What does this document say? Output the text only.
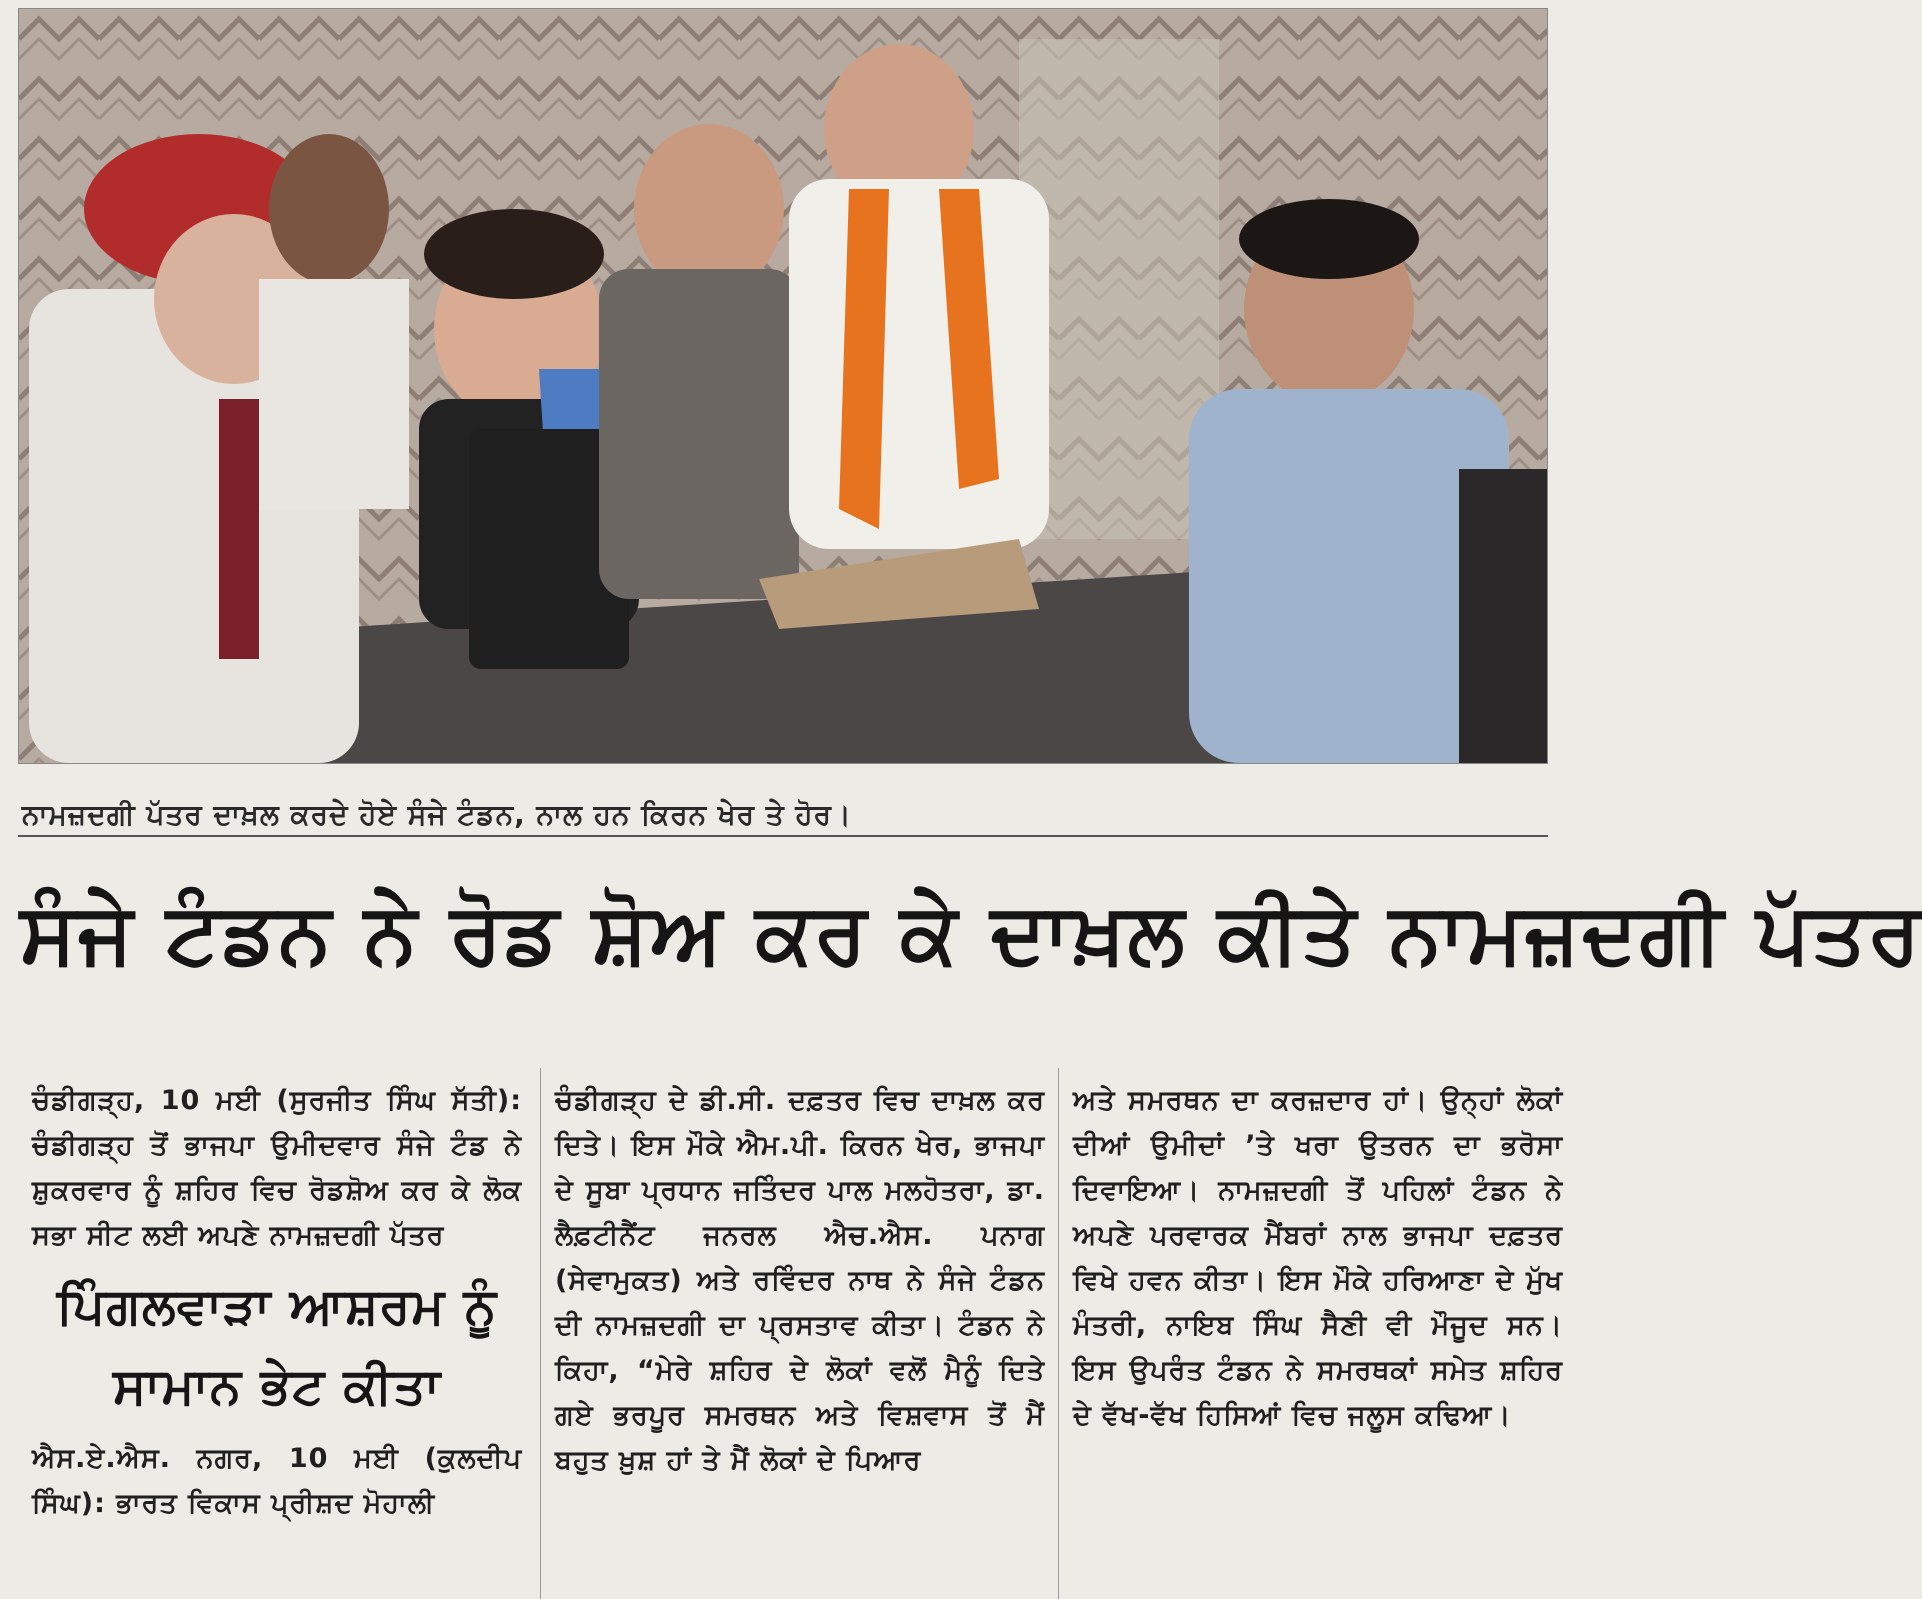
ਨਾਮਜ਼ਦਗੀ ਪੱਤਰ ਦਾਖ਼ਲ ਕਰਦੇ ਹੋਏ ਸੰਜੇ ਟੰਡਨ, ਨਾਲ ਹਨ ਕਿਰਨ ਖੇਰ ਤੇ ਹੋਰ।
ਸੰਜੇ ਟੰਡਨ ਨੇ ਰੋਡ ਸ਼ੋਅ ਕਰ ਕੇ ਦਾਖ਼ਲ ਕੀਤੇ ਨਾਮਜ਼ਦਗੀ ਪੱਤਰ

ਚੰਡੀਗੜ੍ਹ, 10 ਮਈ (ਸੁਰਜੀਤ ਸਿੰਘ ਸੱਤੀ): ਚੰਡੀਗੜ੍ਹ ਤੋਂ ਭਾਜਪਾ ਉਮੀਦਵਾਰ ਸੰਜੇ ਟੰਡ ਨੇ ਸ਼ੁਕਰਵਾਰ ਨੂੰ ਸ਼ਹਿਰ ਵਿਚ ਰੋਡਸ਼ੋਅ ਕਰ ਕੇ ਲੋਕ ਸਭਾ ਸੀਟ ਲਈ ਅਪਣੇ ਨਾਮਜ਼ਦਗੀ ਪੱਤਰ

ਪਿੰਗਲਵਾੜਾ ਆਸ਼ਰਮ ਨੂੰ ਸਾਮਾਨ ਭੇਟ ਕੀਤਾ

ਐਸ.ਏ.ਐਸ. ਨਗਰ, 10 ਮਈ (ਕੁਲਦੀਪ ਸਿੰਘ): ਭਾਰਤ ਵਿਕਾਸ ਪ੍ਰੀਸ਼ਦ ਮੋਹਾਲੀ

ਚੰਡੀਗੜ੍ਹ ਦੇ ਡੀ.ਸੀ. ਦਫ਼ਤਰ ਵਿਚ ਦਾਖ਼ਲ ਕਰ ਦਿਤੇ। ਇਸ ਮੌਕੇ ਐਮ.ਪੀ. ਕਿਰਨ ਖੇਰ, ਭਾਜਪਾ ਦੇ ਸੂਬਾ ਪ੍ਰਧਾਨ ਜਤਿੰਦਰ ਪਾਲ ਮਲਹੋਤਰਾ, ਡਾ. ਲੈਫ਼ਟੀਨੈਂਟ ਜਨਰਲ ਐਚ.ਐਸ. ਪਨਾਗ (ਸੇਵਾਮੁਕਤ) ਅਤੇ ਰਵਿੰਦਰ ਨਾਥ ਨੇ ਸੰਜੇ ਟੰਡਨ ਦੀ ਨਾਮਜ਼ਦਗੀ ਦਾ ਪ੍ਰਸਤਾਵ ਕੀਤਾ। ਟੰਡਨ ਨੇ ਕਿਹਾ, “ਮੇਰੇ ਸ਼ਹਿਰ ਦੇ ਲੋਕਾਂ ਵਲੋਂ ਮੈਨੂੰ ਦਿਤੇ ਗਏ ਭਰਪੂਰ ਸਮਰਥਨ ਅਤੇ ਵਿਸ਼ਵਾਸ ਤੋਂ ਮੈਂ ਬਹੁਤ ਖ਼ੁਸ਼ ਹਾਂ ਤੇ ਮੈਂ ਲੋਕਾਂ ਦੇ ਪਿਆਰ

ਅਤੇ ਸਮਰਥਨ ਦਾ ਕਰਜ਼ਦਾਰ ਹਾਂ। ਉਨ੍ਹਾਂ ਲੋਕਾਂ ਦੀਆਂ ਉਮੀਦਾਂ ’ਤੇ ਖਰਾ ਉਤਰਨ ਦਾ ਭਰੋਸਾ ਦਿਵਾਇਆ। ਨਾਮਜ਼ਦਗੀ ਤੋਂ ਪਹਿਲਾਂ ਟੰਡਨ ਨੇ ਅਪਣੇ ਪਰਵਾਰਕ ਮੈਂਬਰਾਂ ਨਾਲ ਭਾਜਪਾ ਦਫ਼ਤਰ ਵਿਖੇ ਹਵਨ ਕੀਤਾ। ਇਸ ਮੌਕੇ ਹਰਿਆਣਾ ਦੇ ਮੁੱਖ ਮੰਤਰੀ, ਨਾਇਬ ਸਿੰਘ ਸੈਣੀ ਵੀ ਮੌਜੂਦ ਸਨ। ਇਸ ਉਪਰੰਤ ਟੰਡਨ ਨੇ ਸਮਰਥਕਾਂ ਸਮੇਤ ਸ਼ਹਿਰ ਦੇ ਵੱਖ-ਵੱਖ ਹਿਸਿਆਂ ਵਿਚ ਜਲੂਸ ਕਢਿਆ।
